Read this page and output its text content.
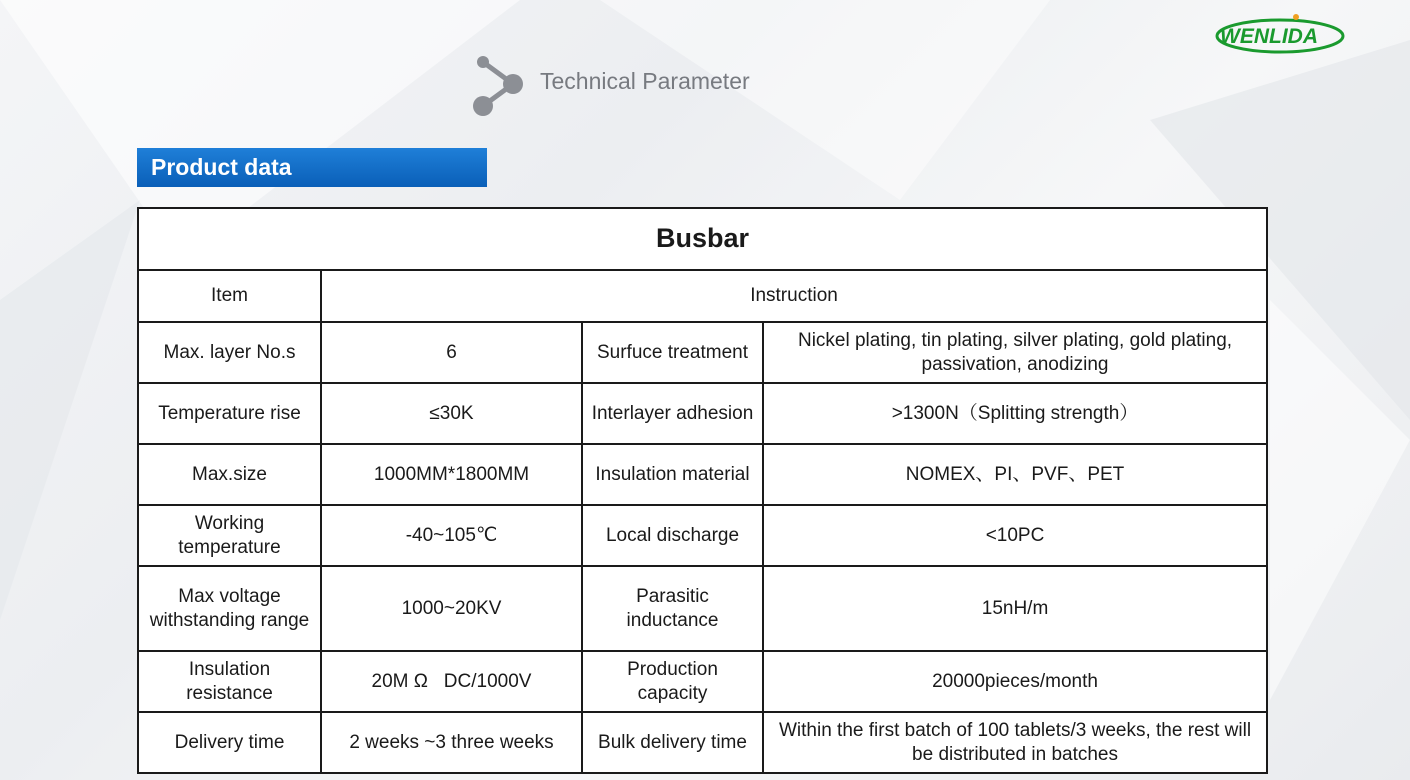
WENLIDA
Technical Parameter
Product data
Busbar			
Item	Instruction		
Max. layer No.s	6	Surfuce treatment	Nickel plating, tin plating, silver plating, gold plating, passivation, anodizing
Temperature rise	≤30K	Interlayer adhesion	>1300N（Splitting strength）
Max.size	1000MM*1800MM	Insulation material	NOMEX、PI、PVF、PET
Working temperature	-40~105℃	Local discharge	<10PC
Max voltage withstanding range	1000~20KV	Parasitic inductance	15nH/m
Insulation resistance	20M Ω   DC/1000V	Production capacity	20000pieces/month
Delivery time	2 weeks ~3 three weeks	Bulk delivery time	Within the first batch of 100 tablets/3 weeks, the rest will be distributed in batches
